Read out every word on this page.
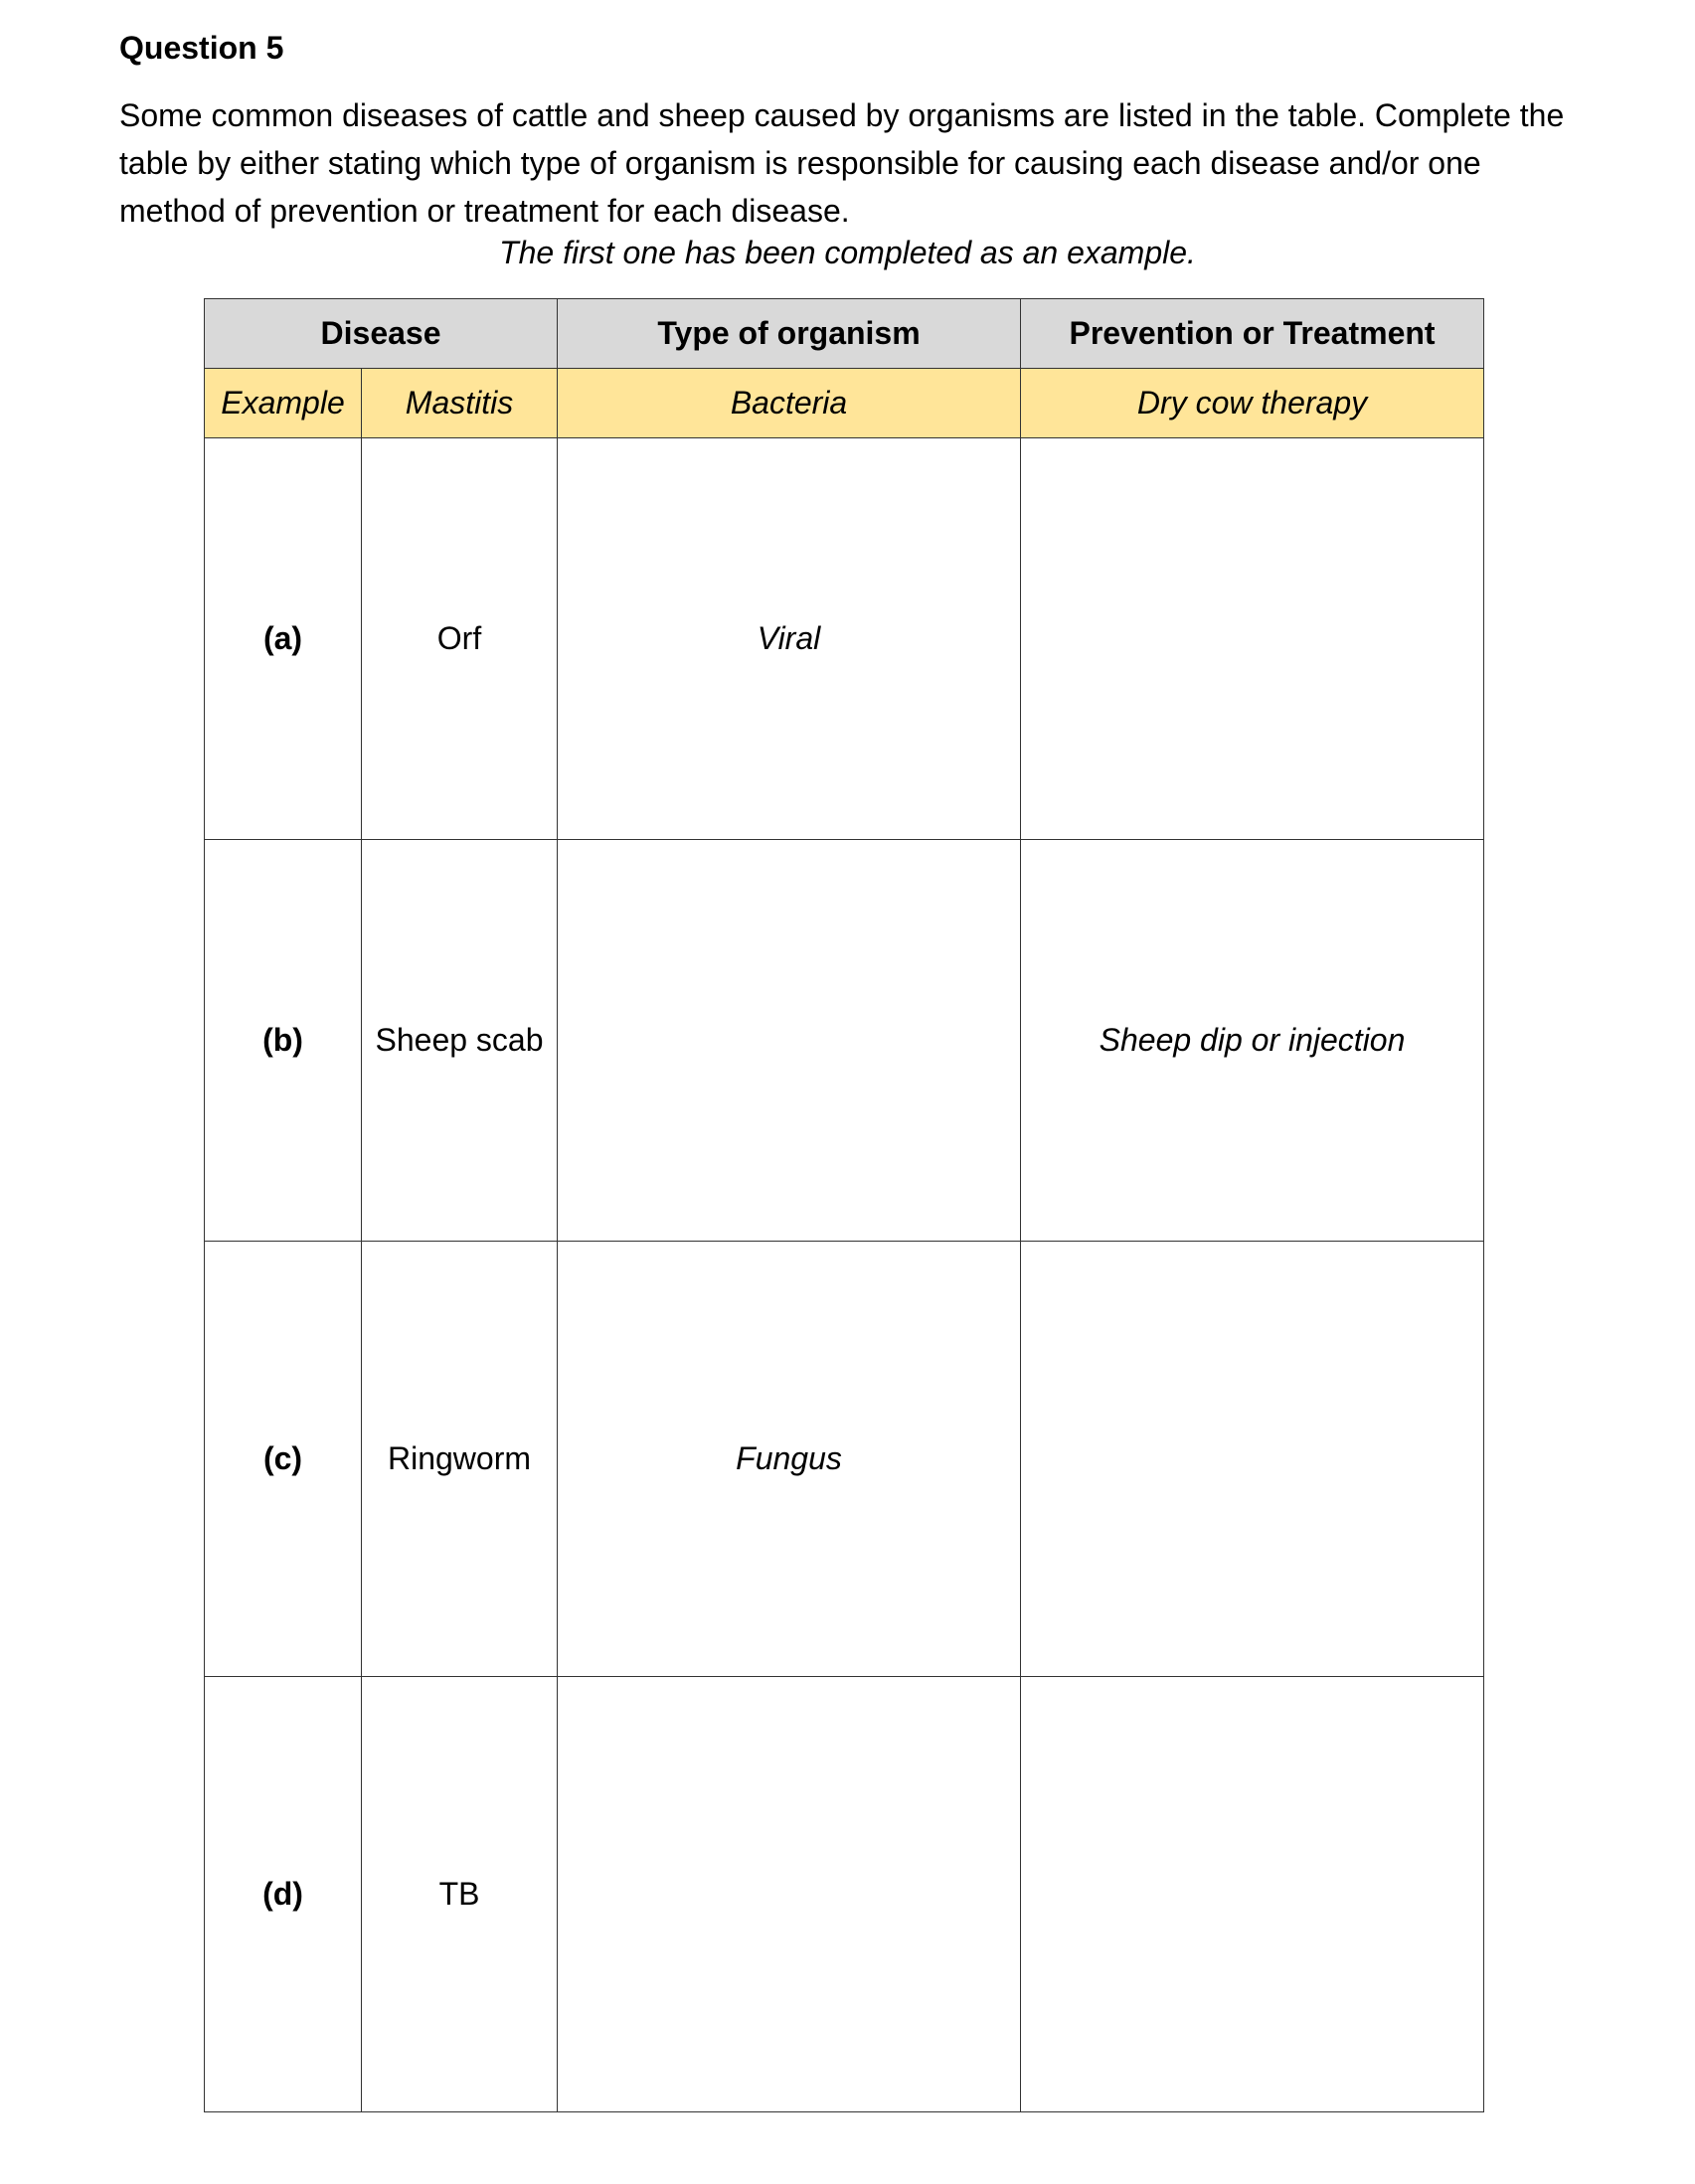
Question 5

Some common diseases of cattle and sheep caused by organisms are listed in the table. Complete the table by either stating which type of organism is responsible for causing each disease and/or one method of prevention or treatment for each disease.

The first one has been completed as an example.
Disease		Type of organism	Prevention or Treatment
Example	Mastitis	Bacteria	Dry cow therapy
(a)	Orf	Viral	
(b)	Sheep scab		Sheep dip or injection
(c)	Ringworm	Fungus	
(d)	TB		
